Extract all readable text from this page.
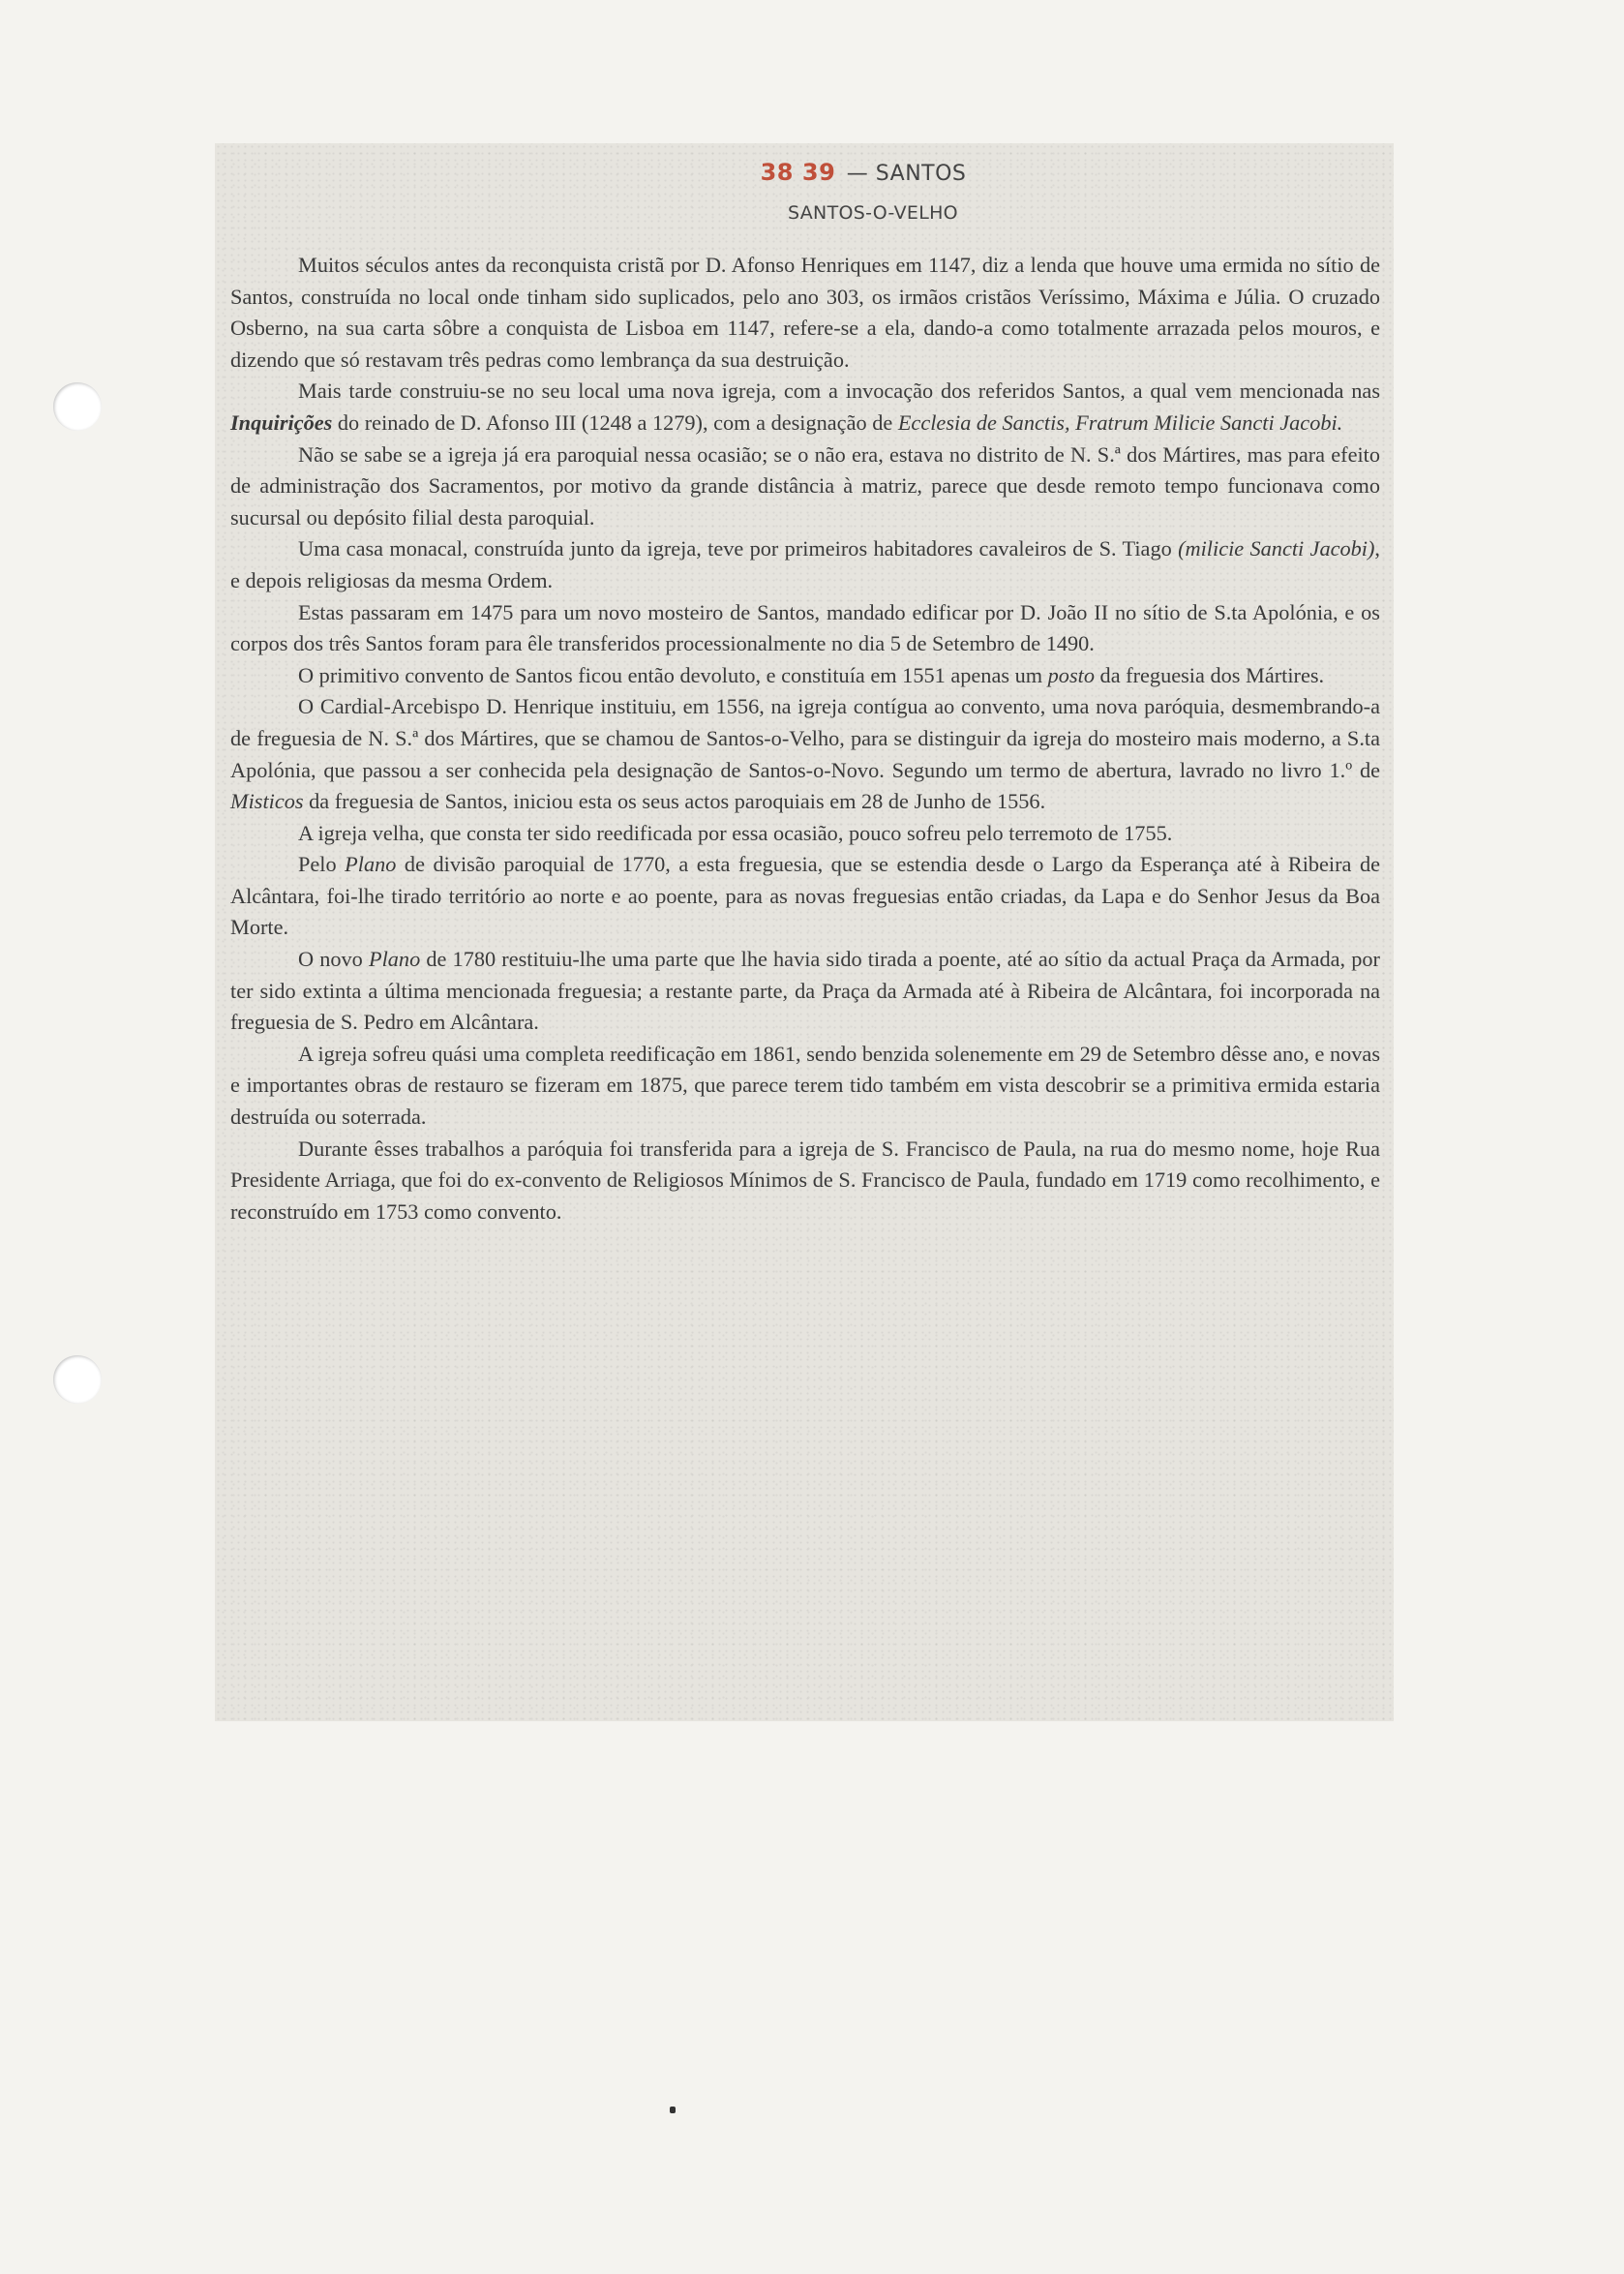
38 39 — SANTOS
SANTOS-O-VELHO

Muitos séculos antes da reconquista cristã por D. Afonso Henriques em 1147, diz a lenda que houve uma ermida no sítio de Santos, construída no local onde tinham sido suplicados, pelo ano 303, os irmãos cristãos Veríssimo, Máxima e Júlia. O cruzado Osberno, na sua carta sôbre a conquista de Lisboa em 1147, refere-se a ela, dando-a como totalmente arrazada pelos mouros, e dizendo que só restavam três pedras como lembrança da sua destruição.

Mais tarde construiu-se no seu local uma nova igreja, com a invocação dos referidos Santos, a qual vem mencionada nas Inquirições do reinado de D. Afonso III (1248 a 1279), com a designação de Ecclesia de Sanctis, Fratrum Milicie Sancti Jacobi.

Não se sabe se a igreja já era paroquial nessa ocasião; se o não era, estava no distrito de N. S.ª dos Mártires, mas para efeito de administração dos Sacramentos, por motivo da grande distância à matriz, parece que desde remoto tempo funcionava como sucursal ou depósito filial desta paroquial.

Uma casa monacal, construída junto da igreja, teve por primeiros habitadores cavaleiros de S. Tiago (milicie Sancti Jacobi), e depois religiosas da mesma Ordem.

Estas passaram em 1475 para um novo mosteiro de Santos, mandado edificar por D. João II no sítio de S.ta Apolónia, e os corpos dos três Santos foram para êle transferidos processionalmente no dia 5 de Setembro de 1490.

O primitivo convento de Santos ficou então devoluto, e constituía em 1551 apenas um posto da freguesia dos Mártires.

O Cardial-Arcebispo D. Henrique instituiu, em 1556, na igreja contígua ao convento, uma nova paróquia, desmembrando-a de freguesia de N. S.ª dos Mártires, que se chamou de Santos-o-Velho, para se distinguir da igreja do mosteiro mais moderno, a S.ta Apolónia, que passou a ser conhecida pela designação de Santos-o-Novo. Segundo um termo de abertura, lavrado no livro 1.º de Misticos da freguesia de Santos, iniciou esta os seus actos paroquiais em 28 de Junho de 1556.

A igreja velha, que consta ter sido reedificada por essa ocasião, pouco sofreu pelo terremoto de 1755.

Pelo Plano de divisão paroquial de 1770, a esta freguesia, que se estendia desde o Largo da Esperança até à Ribeira de Alcântara, foi-lhe tirado território ao norte e ao poente, para as novas freguesias então criadas, da Lapa e do Senhor Jesus da Boa Morte.

O novo Plano de 1780 restituiu-lhe uma parte que lhe havia sido tirada a poente, até ao sítio da actual Praça da Armada, por ter sido extinta a última mencionada freguesia; a restante parte, da Praça da Armada até à Ribeira de Alcântara, foi incorporada na freguesia de S. Pedro em Alcântara.

A igreja sofreu quási uma completa reedificação em 1861, sendo benzida solenemente em 29 de Setembro dêsse ano, e novas e importantes obras de restauro se fizeram em 1875, que parece terem tido também em vista descobrir se a primitiva ermida estaria destruída ou soterrada.

Durante êsses trabalhos a paróquia foi transferida para a igreja de S. Francisco de Paula, na rua do mesmo nome, hoje Rua Presidente Arriaga, que foi do ex-convento de Religiosos Mínimos de S. Francisco de Paula, fundado em 1719 como recolhimento, e reconstruído em 1753 como convento.
